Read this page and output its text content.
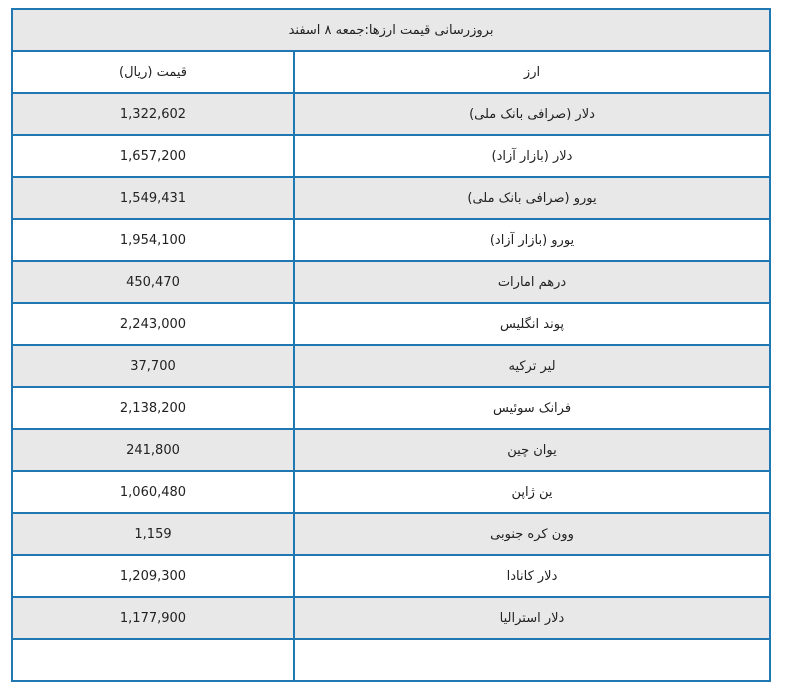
بروزرسانی قیمت ارزها:جمعه ۸ اسفند	
قیمت (ریال)	ارز
1,322,602	دلار (صرافی بانک ملی)
1,657,200	دلار (بازار آزاد)
1,549,431	یورو (صرافی بانک ملی)
1,954,100	یورو (بازار آزاد)
450,470	درهم امارات
2,243,000	پوند انگلیس
37,700	لیر ترکیه
2,138,200	فرانک سوئیس
241,800	یوان چین
1,060,480	ین ژاپن
1,159	وون کره جنوبی
1,209,300	دلار کانادا
1,177,900	دلار استرالیا
